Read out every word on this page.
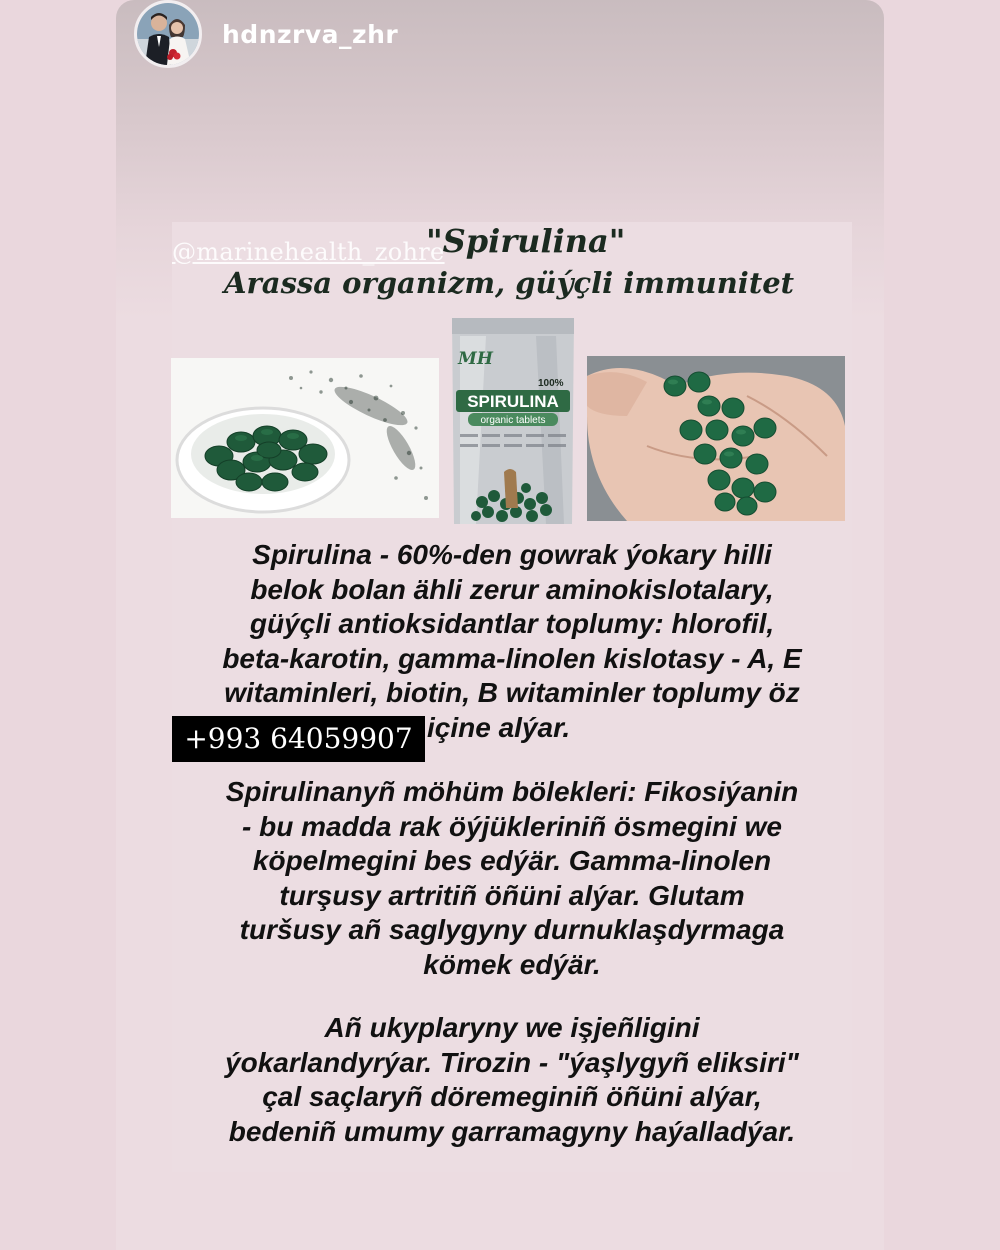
hdnzrva_zhr
"Spirulina"
@marinehealth_zohre
Arassa organizm, güýçli immunitet
MH
100%
SPIRULINA
organic tablets
Spirulina - 60%-den gowrak ýokary hilli
belok bolan ähli zerur aminokislotalary,
güýçli antioksidantlar toplumy: hlorofil,
beta-karotin, gamma-linolen kislotasy - A, E
witaminleri, biotin, B witaminler toplumy öz
içine alýar.
+993 64059907
Spirulinanyñ möhüm bölekleri: Fikosiýanin
- bu madda rak öýjükleriniñ ösmegini we
köpelmegini bes edýär. Gamma-linolen
turşusy artritiñ öñüni alýar. Glutam
turšusy añ saglygyny durnuklaşdyrmaga
kömek edýär.
Añ ukyplaryny we işjeñligini
ýokarlandyrýar. Tirozin - "ýaşlygyñ eliksiri"
çal saçlaryñ döremeginiñ öñüni alýar,
bedeniñ umumy garramagyny haýalladýar.
